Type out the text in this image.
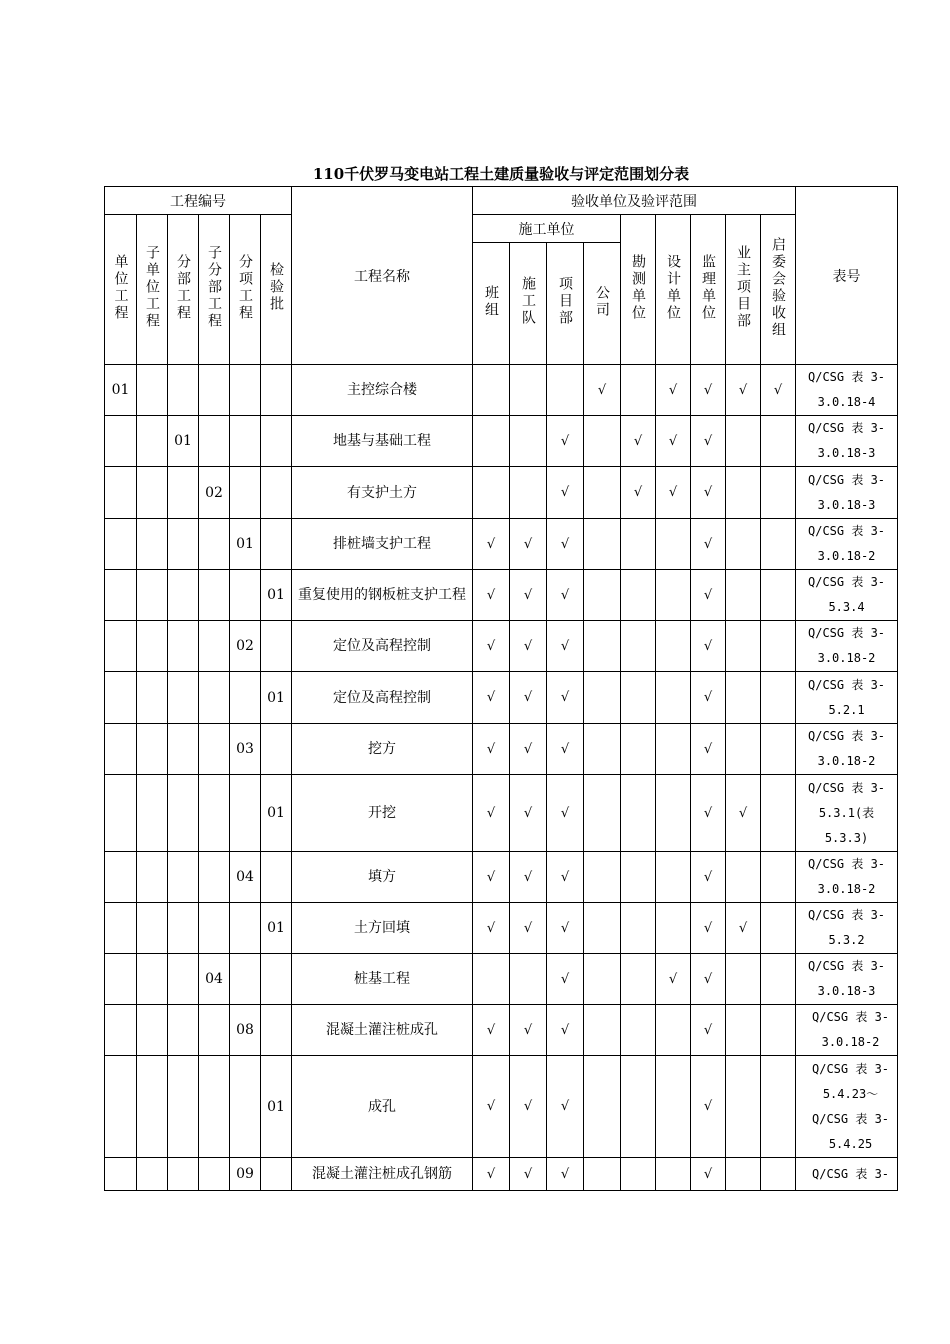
110千伏罗马变电站工程土建质量验收与评定范围划分表
工程编号						工程名称	验收单位及验评范围									表号
单位工程	子单位工程	分部工程	子分部工程	分项工程	检验批		施工单位				勘测单位	设计单位	监理单位	业主项目部	启委会验收组	
							班组	施工队	项目部	公司						
01						主控综合楼				√		√	√	√	√	Q/CSG 表 3-
3.0.18-4
		01				地基与基础工程			√		√	√	√			Q/CSG 表 3-
3.0.18-3
			02			有支护土方			√		√	√	√			Q/CSG 表 3-
3.0.18-3
				01		排桩墙支护工程	√	√	√				√			Q/CSG 表 3-
3.0.18-2
					01	重复使用的钢板桩支护工程	√	√	√				√			Q/CSG 表 3-
5.3.4
				02		定位及高程控制	√	√	√				√			Q/CSG 表 3-
3.0.18-2
					01	定位及高程控制	√	√	√				√			Q/CSG 表 3-
5.2.1
				03		挖方	√	√	√				√			Q/CSG 表 3-
3.0.18-2
					01	开挖	√	√	√				√	√		Q/CSG 表 3-
5.3.1(表
5.3.3)
				04		填方	√	√	√				√			Q/CSG 表 3-
3.0.18-2
					01	土方回填	√	√	√				√	√		Q/CSG 表 3-
5.3.2
			04			桩基工程			√			√	√			Q/CSG 表 3-
3.0.18-3
				08		混凝土灌注桩成孔	√	√	√				√			Q/CSG 表 3-
3.0.18-2
					01	成孔	√	√	√				√			Q/CSG 表 3-
5.4.23～
Q/CSG 表 3-
5.4.25
				09		混凝土灌注桩成孔钢筋	√	√	√				√			Q/CSG 表 3-
